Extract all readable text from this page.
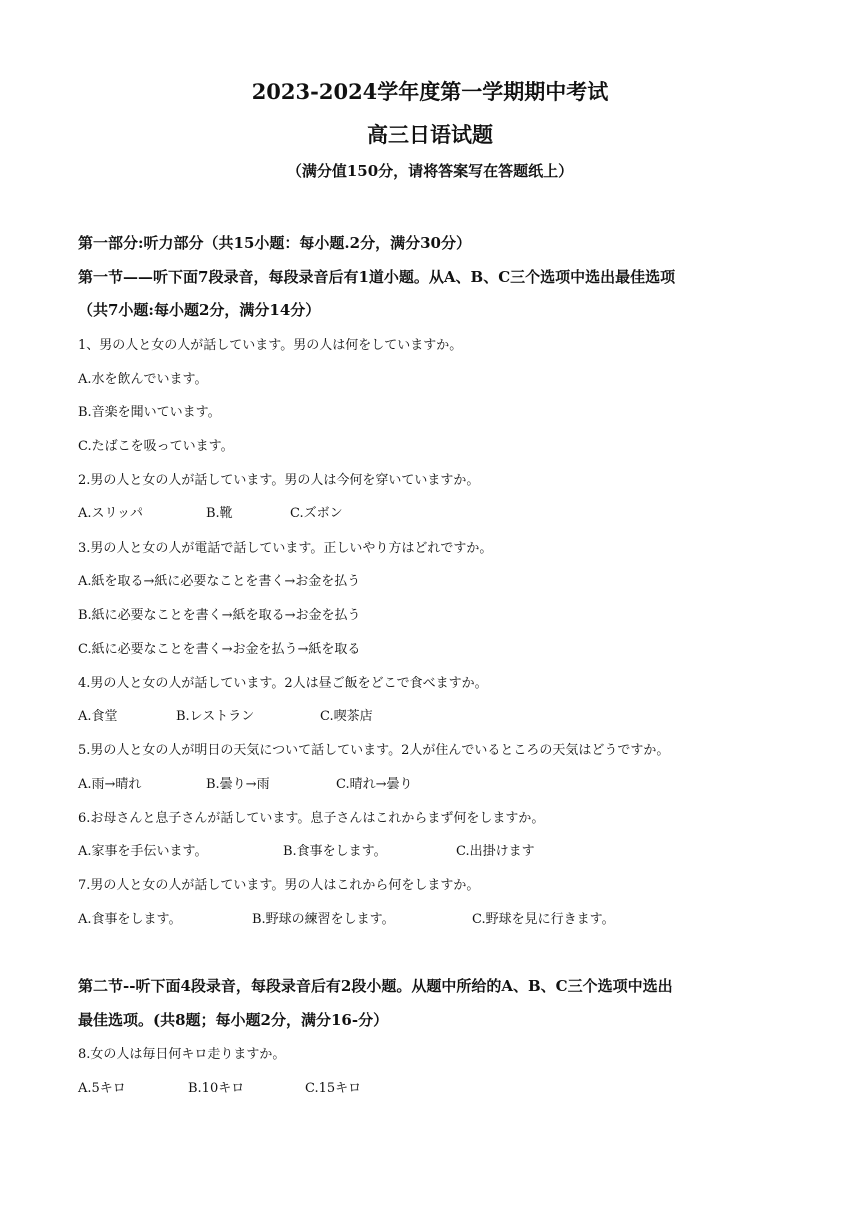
2023-2024学年度第一学期期中考试
高三日语试题
（满分值150分，请将答案写在答题纸上）
第一部分:听力部分（共15小题：每小题.2分，满分30分）
第一节——听下面7段录音，每段录音后有1道小题。从A、B、C三个选项中选出最佳选项
（共7小题:每小题2分，满分14分）
1、男の人と女の人が話しています。男の人は何をしていますか。
A.水を飲んでいます。
B.音楽を聞いています。
C.たばこを吸っています。
2.男の人と女の人が話しています。男の人は今何を穿いていますか。
A.スリッパ	B.靴	C.ズボン
3.男の人と女の人が電話で話しています。正しいやり方はどれですか。
A.紙を取る→紙に必要なことを書く→お金を払う
B.紙に必要なことを書く→紙を取る→お金を払う
C.紙に必要なことを書く→お金を払う→紙を取る
4.男の人と女の人が話しています。2人は昼ご飯をどこで食べますか。
A.食堂	B.レストラン	C.喫茶店
5.男の人と女の人が明日の天気について話しています。2人が住んでいるところの天気はどうですか。
A.雨→晴れ	B.曇り→雨	C.晴れ→曇り
6.お母さんと息子さんが話しています。息子さんはこれからまず何をしますか。
A.家事を手伝います。	B.食事をします。	C.出掛けます
7.男の人と女の人が話しています。男の人はこれから何をしますか。
A.食事をします。	B.野球の練習をします。	C.野球を見に行きます。
第二节--听下面4段录音，每段录音后有2段小题。从题中所给的A、B、C三个选项中选出
最佳选项。(共8题；每小题2分，满分16-分）
8.女の人は毎日何キロ走りますか。
A.5キロ	B.10キロ	C.15キロ
